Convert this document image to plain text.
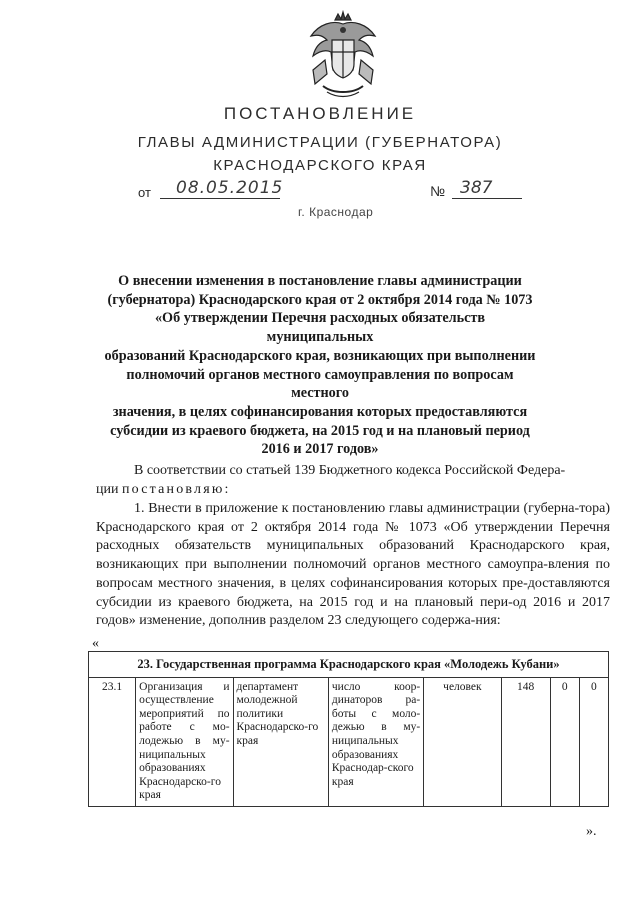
ПОСТАНОВЛЕНИЕ
ГЛАВЫ АДМИНИСТРАЦИИ (ГУБЕРНАТОРА)
КРАСНОДАРСКОГО КРАЯ
от 08.05.2015	№ 387
г. Краснодар
О внесении изменения в постановление главы администрации
(губернатора) Краснодарского края от 2 октября 2014 года № 1073
«Об утверждении Перечня расходных обязательств муниципальных
образований Краснодарского края, возникающих при выполнении
полномочий органов местного самоуправления по вопросам местного
значения, в целях софинансирования которых предоставляются
субсидии из краевого бюджета, на 2015 год и на плановый период
2016 и 2017 годов»
В соответствии со статьей 139 Бюджетного кодекса Российской Федера-
ции постановляю:
1. Внести в приложение к постановлению главы администрации (губерна-тора) Краснодарского края от 2 октября 2014 года № 1073 «Об утверждении Перечня расходных обязательств муниципальных образований Краснодарского края, возникающих при выполнении полномочий органов местного самоупра-вления по вопросам местного значения, в целях софинансирования которых пре-доставляются субсидии из краевого бюджета, на 2015 год и на плановый пери-од 2016 и 2017 годов» изменение, дополнив разделом 23 следующего содержа-ния:
«
23. Государственная программа Краснодарского края «Молодежь Кубани»
23.1	Организация и осуществление мероприятий по работе с мо-лодежью в му-ниципальных образованиях Краснодарско-го края	департамент молодежной политики Краснодарско-го края	число коор-динаторов ра-боты с моло-дежью в му-ниципальных образованиях Краснодар-ского края	человек	148	0	0
».
